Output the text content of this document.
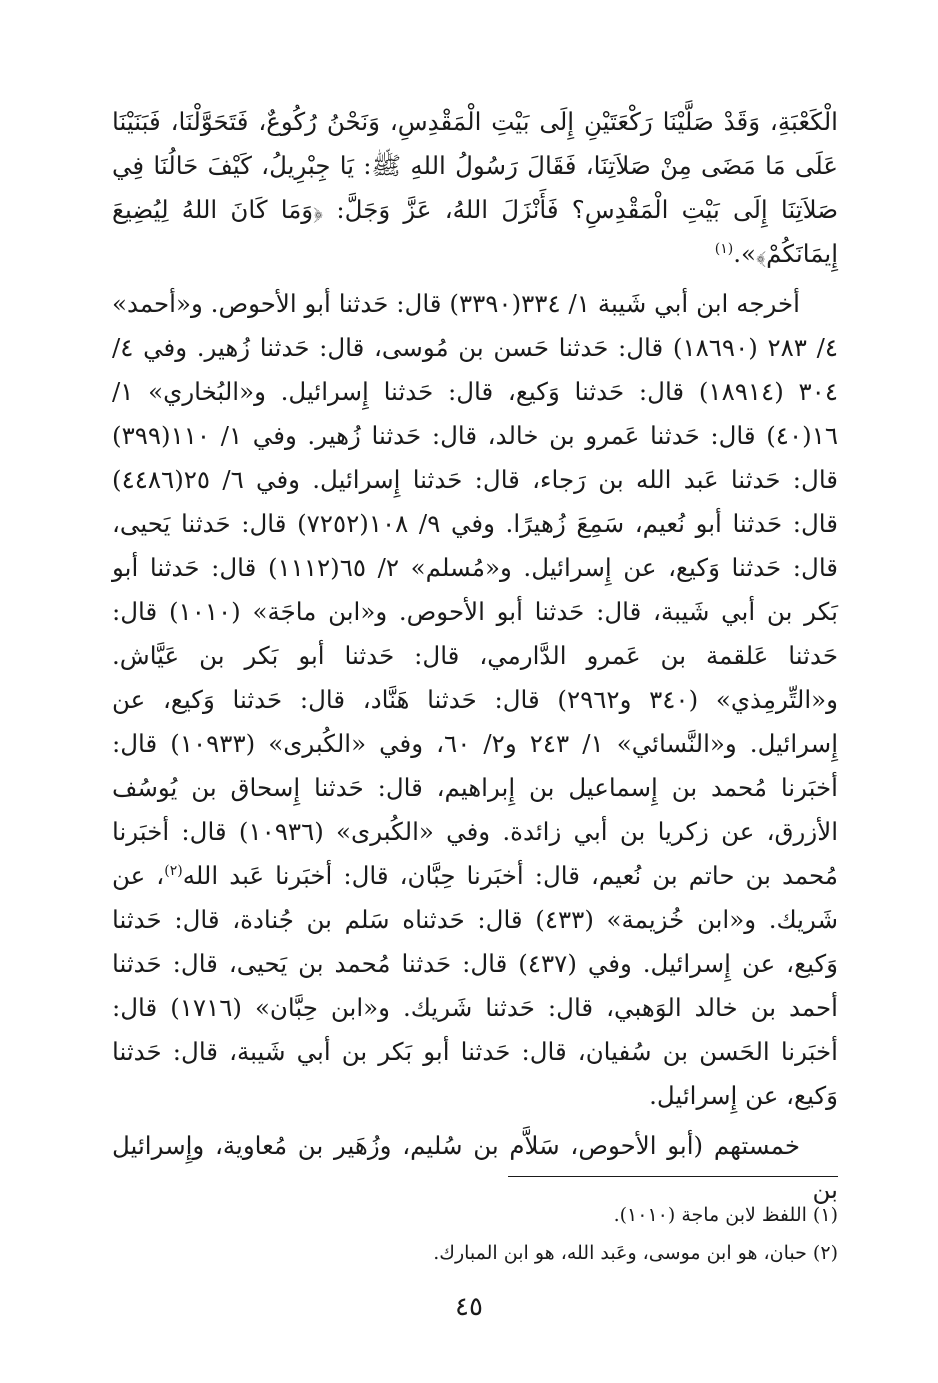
الْكَعْبَةِ، وَقَدْ صَلَّيْنَا رَكْعَتَيْنِ إِلَى بَيْتِ الْمَقْدِسِ، وَنَحْنُ رُكُوعٌ، فَتَحَوَّلْنَا، فَبَنَيْنَا عَلَى مَا مَضَى مِنْ صَلاَتِنَا، فَقَالَ رَسُولُ اللهِ ﷺ: يَا جِبْرِيلُ، كَيْفَ حَالُنَا فِي صَلاَتِنَا إِلَى بَيْتِ الْمَقْدِسِ؟ فَأَنْزَلَ اللهُ، عَزَّ وَجَلَّ: ﴿وَمَا كَانَ اللهُ لِيُضِيعَ إِيمَانَكُمْ﴾».$^{(١)}$

أخرجه ابن أبي شَيبة ١/ ٣٣٤(٣٣٩٠) قال: حَدثنا أبو الأحوص. و«أحمد» ٤/ ٢٨٣ (١٨٦٩٠) قال: حَدثنا حَسن بن مُوسى، قال: حَدثنا زُهير. وفي ٤/ ٣٠٤ (١٨٩١٤) قال: حَدثنا وَكيع، قال: حَدثنا إِسرائيل. و«البُخاري» ١/ ١٦(٤٠) قال: حَدثنا عَمرو بن خالد، قال: حَدثنا زُهير. وفي ١/ ١١٠(٣٩٩) قال: حَدثنا عَبد الله بن رَجاء، قال: حَدثنا إِسرائيل. وفي ٦/ ٢٥(٤٤٨٦) قال: حَدثنا أبو نُعيم، سَمِعَ زُهيرًا. وفي ٩/ ١٠٨(٧٢٥٢) قال: حَدثنا يَحيى، قال: حَدثنا وَكيع، عن إِسرائيل. و«مُسلم» ٢/ ٦٥(١١١٢) قال: حَدثنا أبو بَكر بن أبي شَيبة، قال: حَدثنا أبو الأحوص. و«ابن ماجَة» (١٠١٠) قال: حَدثنا عَلقمة بن عَمرو الدَّارمي، قال: حَدثنا أبو بَكر بن عَيَّاش. و«التِّرمِذي» (٣٤٠ و٢٩٦٢) قال: حَدثنا هَنَّاد، قال: حَدثنا وَكيع، عن إِسرائيل. و«النَّسائي» ١/ ٢٤٣ و٢/ ٦٠، وفي «الكُبرى» (١٠٩٣٣) قال: أخبَرنا مُحمد بن إِسماعيل بن إِبراهيم، قال: حَدثنا إِسحاق بن يُوسُف الأزرق، عن زكريا بن أبي زائدة. وفي «الكُبرى» (١٠٩٣٦) قال: أخبَرنا مُحمد بن حاتم بن نُعيم، قال: أخبَرنا حِبَّان، قال: أخبَرنا عَبد الله$^{(٢)}$، عن شَريك. و«ابن خُزيمة» (٤٣٣) قال: حَدثناه سَلم بن جُنادة، قال: حَدثنا وَكيع، عن إِسرائيل. وفي (٤٣٧) قال: حَدثنا مُحمد بن يَحيى، قال: حَدثنا أحمد بن خالد الوَهبي، قال: حَدثنا شَريك. و«ابن حِبَّان» (١٧١٦) قال: أخبَرنا الحَسن بن سُفيان، قال: حَدثنا أبو بَكر بن أبي شَيبة، قال: حَدثنا وَكيع، عن إِسرائيل.

خمستهم (أبو الأحوص، سَلاَّم بن سُليم، وزُهَير بن مُعاوية، وإِسرائيل بن

(١) اللفظ لابن ماجة (١٠١٠).

(٢) حبان، هو ابن موسى، وعَبد الله، هو ابن المبارك.

٤٥
